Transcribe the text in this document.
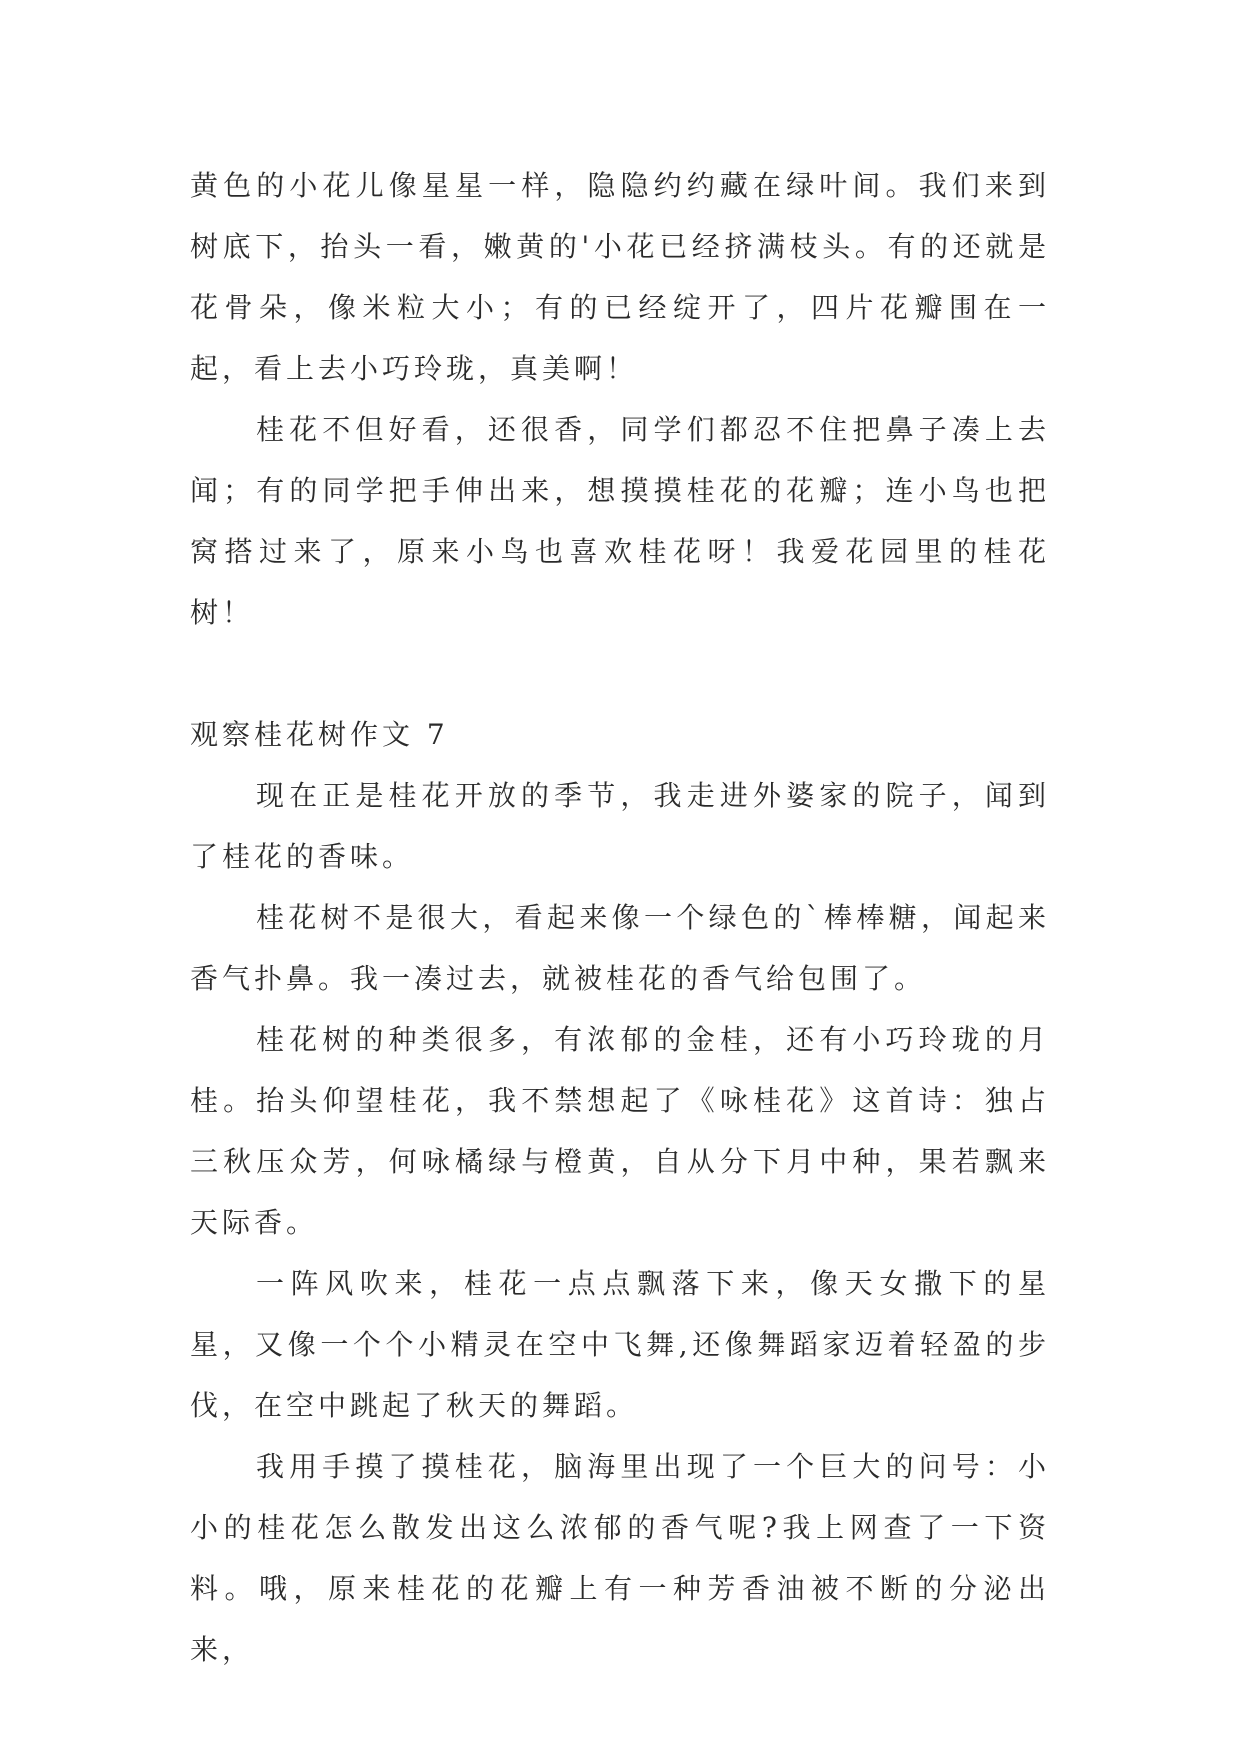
黄色的小花儿像星星一样，隐隐约约藏在绿叶间。我们来到树底下，抬头一看，嫩黄的'小花已经挤满枝头。有的还就是花骨朵，像米粒大小；有的已经绽开了，四片花瓣围在一起，看上去小巧玲珑，真美啊！

桂花不但好看，还很香，同学们都忍不住把鼻子凑上去闻；有的同学把手伸出来，想摸摸桂花的花瓣；连小鸟也把窝搭过来了，原来小鸟也喜欢桂花呀！我爱花园里的桂花树！

观察桂花树作文 7

现在正是桂花开放的季节，我走进外婆家的院子，闻到了桂花的香味。

桂花树不是很大，看起来像一个绿色的`棒棒糖，闻起来香气扑鼻。我一凑过去，就被桂花的香气给包围了。

桂花树的种类很多，有浓郁的金桂，还有小巧玲珑的月桂。抬头仰望桂花，我不禁想起了《咏桂花》这首诗：独占三秋压众芳，何咏橘绿与橙黄，自从分下月中种，果若飘来天际香。

一阵风吹来，桂花一点点飘落下来，像天女撒下的星星，又像一个个小精灵在空中飞舞,还像舞蹈家迈着轻盈的步伐，在空中跳起了秋天的舞蹈。

我用手摸了摸桂花，脑海里出现了一个巨大的问号：小小的桂花怎么散发出这么浓郁的香气呢?我上网查了一下资料。哦，原来桂花的花瓣上有一种芳香油被不断的分泌出来，
